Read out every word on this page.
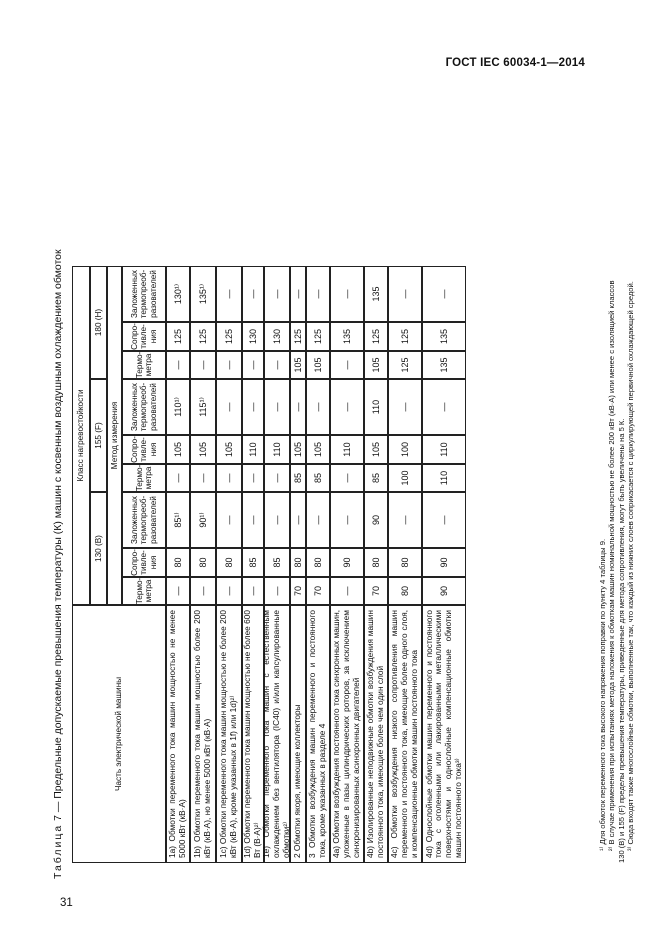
ГОСТ IEC 60034-1—2014
Таблица 7 — Предельные допускаемые превышения температуры (К) машин с косвенным воздушным охлаждением обмоток	Часть электрической машины
Класс нагревостойкости
130 (B)
155 (F)
180 (H)
Метод измерения
Термо-метра
Сопро-тивле-ния
Заложенных термопреоб-разователей
Термо-метра
Сопро-тивле-ния
Заложенных термопреоб-разователей
Термо-метра
Сопро-тивле-ния
Заложенных термопреоб-разователей
1а) Обмотки переменного тока машин мощностью не менее 5000 кВт (кВ·А)
—
80
85¹⁾
—
105
110¹⁾
—
125
130¹⁾
1b) Обмотки переменного тока машин мощностью более 200 кВт (кВ·А), но менее 5000 кВт (кВ·А)
—
80
90¹⁾
—
105
115¹⁾
—
125
135¹⁾
1c) Обмотки переменного тока машин мощностью не более 200 кВт (кВ·А), кроме указанных в 1f) или 1d)²⁾
—
80
—
—
105
—
—
125
—
1d) Обмотки переменного тока машин мощностью не более 600 Вт (В·А)²⁾
—
85
—
—
110
—
—
130
—
1е) Обмотки переменного тока машин с естественным охлаждением без вентилятора (IC40) и/или капсулированные обмотки²⁾
—
85
—
—
110
—
—
130
—
2 Обмотки якоря, имеющие коллекторы
70
80
—
85
105
—
105
125
—
3 Обмотки возбуждения машин переменного и постоянного тока, кроме указанных в разделе 4
70
80
—
85
105
—
105
125
—
4а) Обмотки возбуждения постоянного тока синхронных машин, уложенные в пазы цилиндрических роторов, за исключением синхронизированных асинхронных двигателей
—
90
—
—
110
—
—
135
—
4b) Изолированные неподвижные обмотки возбуждения машин постоянного тока, имеющие более чем один слой
70
80
90
85
105
110
105
125
135
4с) Обмотки возбуждения низкого сопротивления машин переменного и постоянного тока, имеющие более одного слоя, и компенсационные обмотки машин постоянного тока
80
80
—
100
100
—
125
125
—
4d) Однослойные обмотки машин переменного и постоянного тока с оголенными или лакированными металлическими поверхностями и однослойные компенсационные обмотки машин постоянного тока³⁾
90
90
—
110
110
—
135
135
—
¹⁾ Для обмоток переменного тока высокого напряжения поправки по пункту 4 таблицы 9. ²⁾ В случае применения при испытаниях метода наложения к обмоткам машин номинальной мощностью не более 200 кВт (кВ·А) или менее с изоляцией классов 130 (В) и 155 (F) пределы превышения температуры, приведенные для метода сопротивления, могут быть увеличены на 5 К. ³⁾ Сюда входят также многослойные обмотки, выполненные так, что каждый из нижних слоев соприкасается с циркулирующей первичной охлаждающей средой.
31
